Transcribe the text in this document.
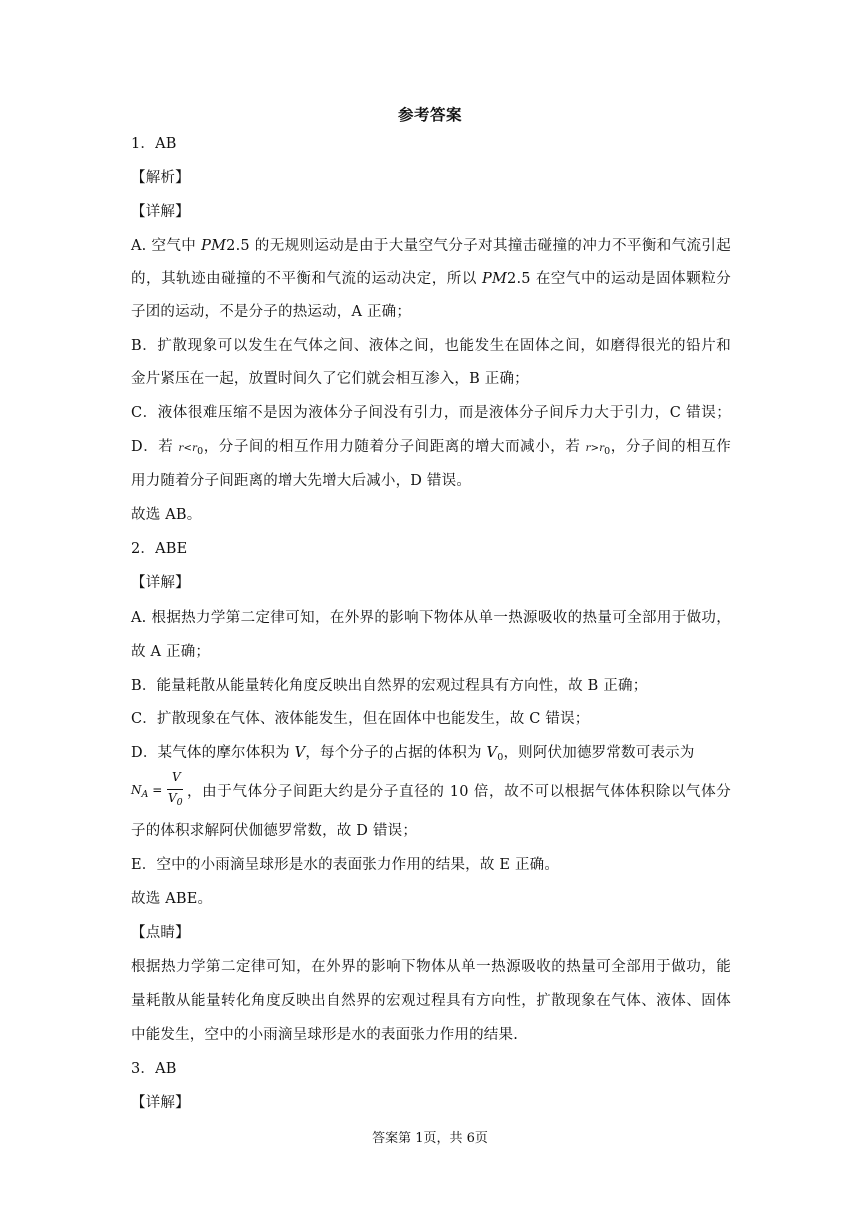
参考答案
1．AB
【解析】
【详解】
A. 空气中 PM2.5 的无规则运动是由于大量空气分子对其撞击碰撞的冲力不平衡和气流引起
的，其轨迹由碰撞的不平衡和气流的运动决定，所以 PM2.5 在空气中的运动是固体颗粒分
子团的运动，不是分子的热运动，A 正确；
B．扩散现象可以发生在气体之间、液体之间，也能发生在固体之间，如磨得很光的铅片和
金片紧压在一起，放置时间久了它们就会相互渗入，B 正确；
C．液体很难压缩不是因为液体分子间没有引力，而是液体分子间斥力大于引力，C 错误；
D．若 $r<r_0$，分子间的相互作用力随着分子间距离的增大而减小，若 $r>r_0$，分子间的相互作
用力随着分子间距离的增大先增大后减小，D 错误。
故选 AB。
2．ABE
【详解】
A. 根据热力学第二定律可知，在外界的影响下物体从单一热源吸收的热量可全部用于做功，
故 A 正确；
B．能量耗散从能量转化角度反映出自然界的宏观过程具有方向性，故 B 正确；
C．扩散现象在气体、液体能发生，但在固体中也能发生，故 C 错误；
D．某气体的摩尔体积为 V，每个分子的占据的体积为 $V_0$，则阿伏加德罗常数可表示为
$N_A$ =
V
$V_0$
，由于气体分子间距大约是分子直径的 10 倍，故不可以根据气体体积除以气体分
子的体积求解阿伏伽德罗常数，故 D 错误；
E．空中的小雨滴呈球形是水的表面张力作用的结果，故 E 正确。
故选 ABE。
【点睛】
根据热力学第二定律可知，在外界的影响下物体从单一热源吸收的热量可全部用于做功，能
量耗散从能量转化角度反映出自然界的宏观过程具有方向性，扩散现象在气体、液体、固体
中能发生，空中的小雨滴呈球形是水的表面张力作用的结果.
3．AB
【详解】
答案第 1页，共 6页
